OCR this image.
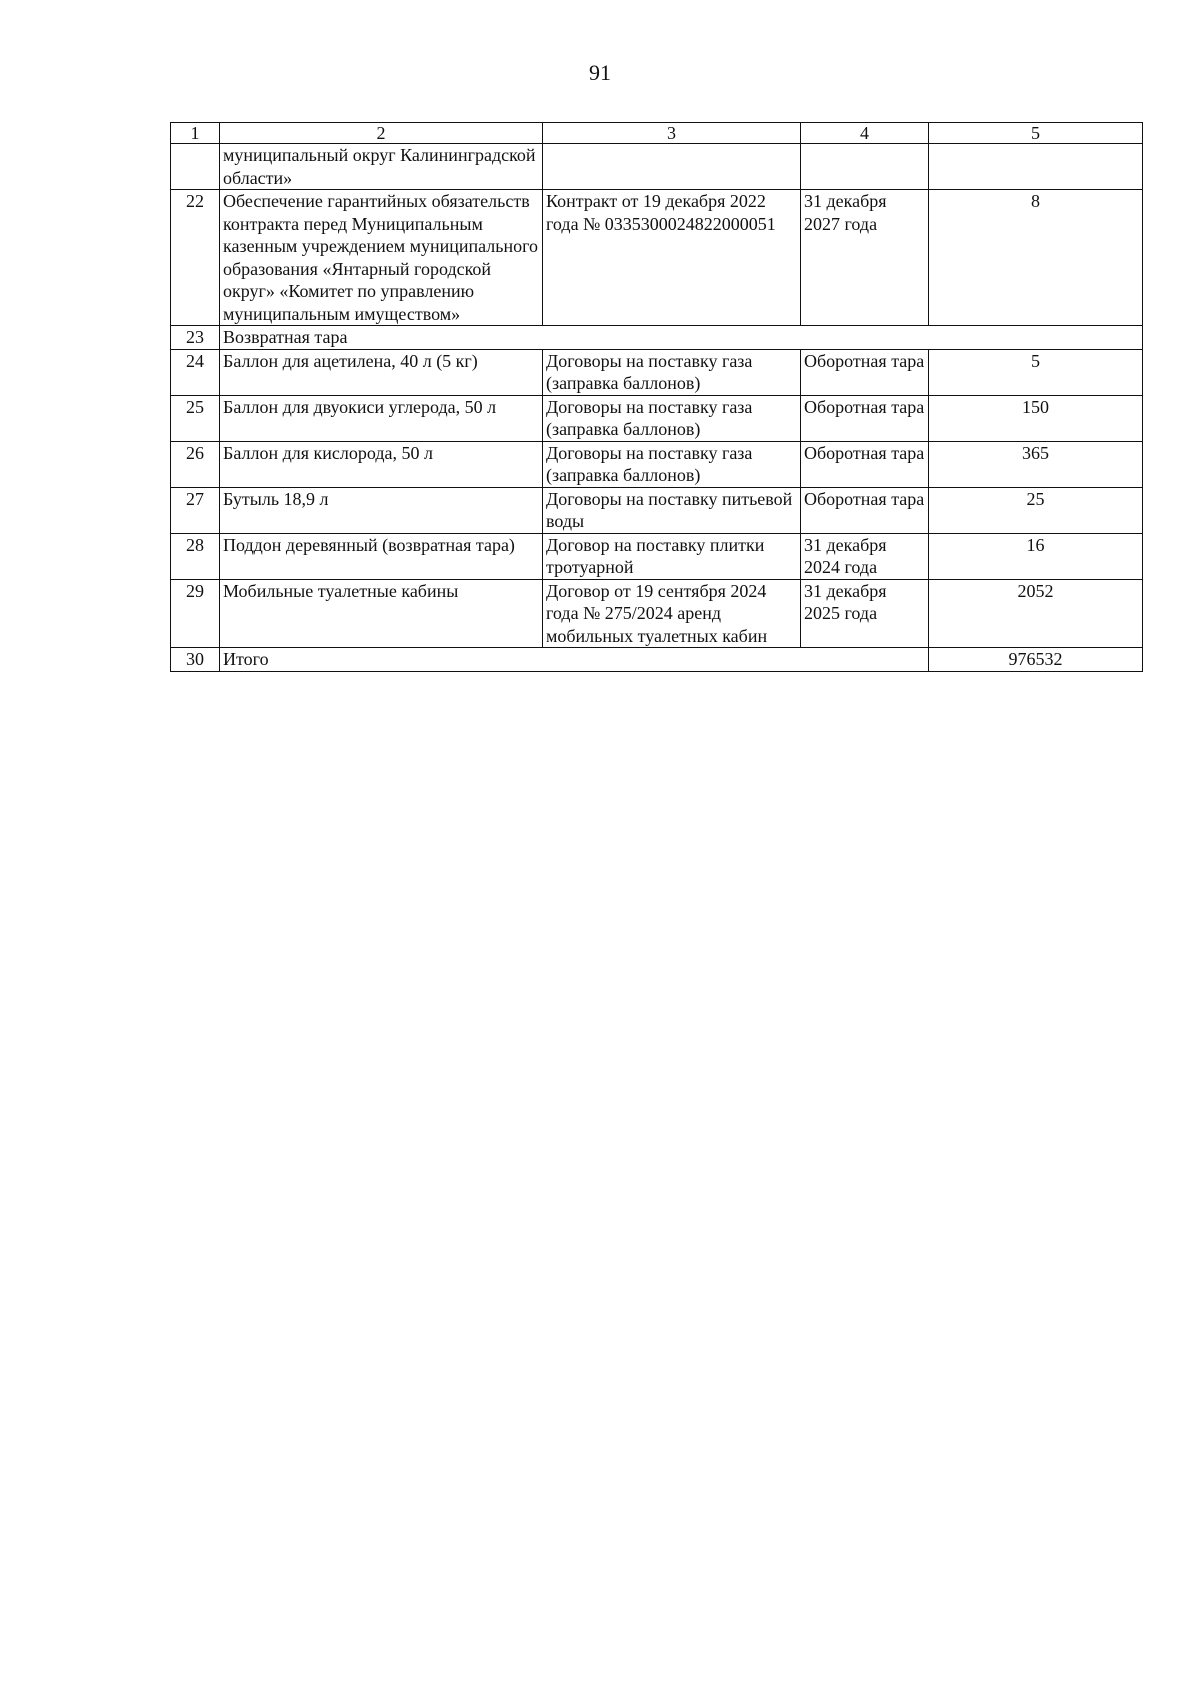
91
1	2	3	4	5
	муниципальный округ Калининградской области»			
22	Обеспечение гарантийных обязательств контракта перед Муниципальным казенным учреждением муниципального образования «Янтарный городской округ» «Комитет по управлению муниципальным имуществом»	Контракт от 19 декабря 2022 года № 0335300024822000051	31 декабря 2027 года	8
23	Возвратная тара			
24	Баллон для ацетилена, 40 л (5 кг)	Договоры на поставку газа (заправка баллонов)	Оборотная тара	5
25	Баллон для двуокиси углерода, 50 л	Договоры на поставку газа (заправка баллонов)	Оборотная тара	150
26	Баллон для кислорода, 50 л	Договоры на поставку газа (заправка баллонов)	Оборотная тара	365
27	Бутыль 18,9 л	Договоры на поставку питьевой воды	Оборотная тара	25
28	Поддон деревянный (возвратная тара)	Договор на поставку плитки тротуарной	31 декабря 2024 года	16
29	Мобильные туалетные кабины	Договор от 19 сентября 2024 года № 275/2024 аренд мобильных туалетных кабин	31 декабря 2025 года	2052
30	Итого			976532
